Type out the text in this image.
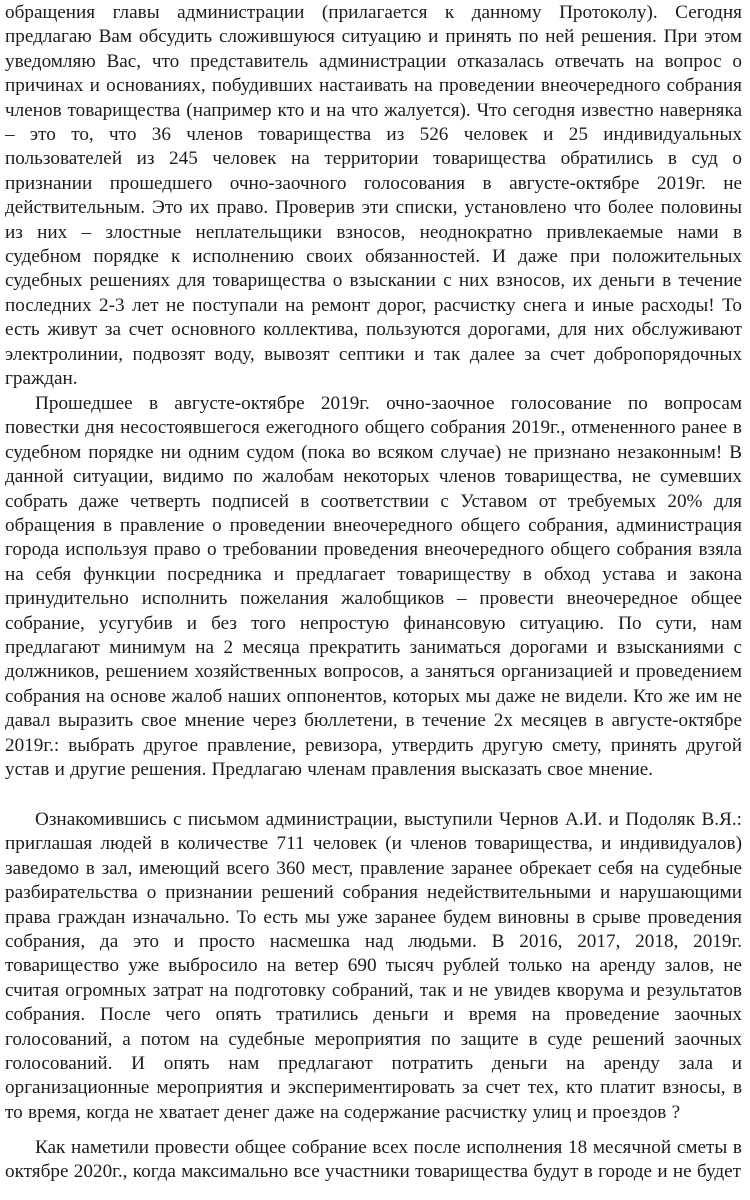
обращения главы администрации (прилагается к данному Протоколу). Сегодня предлагаю Вам обсудить сложившуюся ситуацию и принять по ней решения. При этом уведомляю Вас, что представитель администрации отказалась отвечать на вопрос о причинах и основаниях, побудивших настаивать на проведении внеочередного собрания членов товарищества (например кто и на что жалуется). Что сегодня известно наверняка – это то, что 36 членов товарищества из 526 человек и 25 индивидуальных пользователей из 245 человек на территории товарищества обратились в суд о признании прошедшего очно-заочного голосования в августе-октябре 2019г. не действительным. Это их право. Проверив эти списки, установлено что более половины из них – злостные неплательщики взносов, неоднократно привлекаемые нами в судебном порядке к исполнению своих обязанностей. И даже при положительных судебных решениях для товарищества о взыскании с них взносов, их деньги в течение последних 2-3 лет не поступали на ремонт дорог, расчистку снега и иные расходы! То есть живут за счет основного коллектива, пользуются дорогами, для них обслуживают электролинии, подвозят воду, вывозят септики и так далее за счет добропорядочных граждан.

Прошедшее в августе-октябре 2019г. очно-заочное голосование по вопросам повестки дня несостоявшегося ежегодного общего собрания 2019г., отмененного ранее в судебном порядке ни одним судом (пока во всяком случае) не признано незаконным! В данной ситуации, видимо по жалобам некоторых членов товарищества, не сумевших собрать даже четверть подписей в соответствии с Уставом от требуемых 20% для обращения в правление о проведении внеочередного общего собрания, администрация города используя право о требовании проведения внеочередного общего собрания взяла на себя функции посредника и предлагает товариществу в обход устава и закона принудительно исполнить пожелания жалобщиков – провести внеочередное общее собрание, усугубив и без того непростую финансовую ситуацию. По сути, нам предлагают минимум на 2 месяца прекратить заниматься дорогами и взысканиями с должников, решением хозяйственных вопросов, а заняться организацией и проведением собрания на основе жалоб наших оппонентов, которых мы даже не видели. Кто же им не давал выразить свое мнение через бюллетени, в течение 2х месяцев в августе-октябре 2019г.: выбрать другое правление, ревизора, утвердить другую смету, принять другой устав и другие решения. Предлагаю членам правления высказать свое мнение.

Ознакомившись с письмом администрации, выступили Чернов А.И. и Подоляк В.Я.: приглашая людей в количестве 711 человек (и членов товарищества, и индивидуалов) заведомо в зал, имеющий всего 360 мест, правление заранее обрекает себя на судебные разбирательства о признании решений собрания недействительными и нарушающими права граждан изначально. То есть мы уже заранее будем виновны в срыве проведения собрания, да это и просто насмешка над людьми. В 2016, 2017, 2018, 2019г. товарищество уже выбросило на ветер 690 тысяч рублей только на аренду залов, не считая огромных затрат на подготовку собраний, так и не увидев кворума и результатов собрания. После чего опять тратились деньги и время на проведение заочных голосований, а потом на судебные мероприятия по защите в суде решений заочных голосований. И опять нам предлагают потратить деньги на аренду зала и организационные мероприятия и экспериментировать за счет тех, кто платит взносы, в то время, когда не хватает денег даже на содержание расчистку улиц и проездов ?

Как наметили провести общее собрание всех после исполнения 18 месячной сметы в октябре 2020г., когда максимально все участники товарищества будут в городе и не будет
